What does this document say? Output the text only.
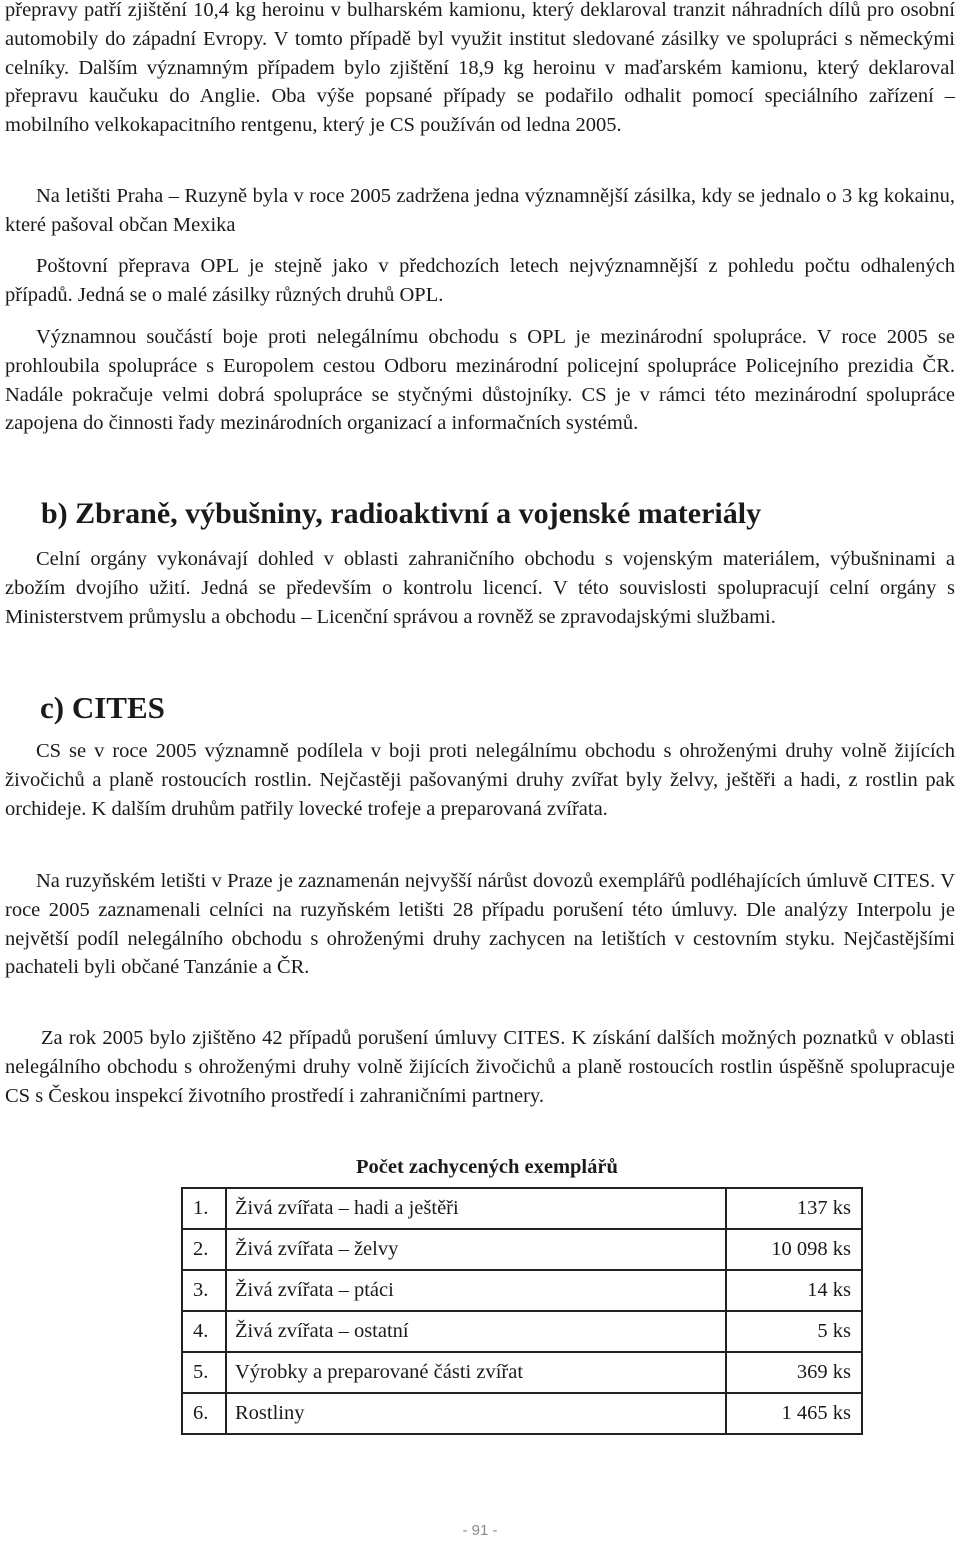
přepravy patří zjištění 10,4 kg heroinu v bulharském kamionu, který deklaroval tranzit náhradních dílů pro osobní automobily do západní Evropy. V tomto případě byl využit institut sledované zásilky ve spolupráci s německými celníky. Dalším významným případem bylo zjištění 18,9 kg heroinu v maďarském kamionu, který deklaroval přepravu kaučuku do Anglie. Oba výše popsané případy se podařilo odhalit pomocí speciálního zařízení – mobilního velkokapacitního rentgenu, který je CS používán od ledna 2005.

Na letišti Praha – Ruzyně byla v roce 2005 zadržena jedna významnější zásilka, kdy se jednalo o 3 kg kokainu, které pašoval občan Mexika

Poštovní přeprava OPL je stejně jako v předchozích letech nejvýznamnější z pohledu počtu odhalených případů. Jedná se o malé zásilky různých druhů OPL.

Významnou součástí boje proti nelegálnímu obchodu s OPL je mezinárodní spolupráce. V roce 2005 se prohloubila spolupráce s Europolem cestou Odboru mezinárodní policejní spolupráce Policejního prezidia ČR. Nadále pokračuje velmi dobrá spolupráce se styčnými důstojníky. CS je v rámci této mezinárodní spolupráce zapojena do činnosti řady mezinárodních organizací a informačních systémů.

b) Zbraně, výbušniny, radioaktivní a vojenské materiály

Celní orgány vykonávají dohled v oblasti zahraničního obchodu s vojenským materiálem, výbušninami a zbožím dvojího užití. Jedná se především o kontrolu licencí. V této souvislosti spolupracují celní orgány s Ministerstvem průmyslu a obchodu – Licenční správou a rovněž se zpravodajskými službami.

c) CITES

CS se v roce 2005 významně podílela v boji proti nelegálnímu obchodu s ohroženými druhy volně žijících živočichů a planě rostoucích rostlin. Nejčastěji pašovanými druhy zvířat byly želvy, ještěři a hadi, z rostlin pak orchideje. K dalším druhům patřily lovecké trofeje a preparovaná zvířata.

Na ruzyňském letišti v Praze je zaznamenán nejvyšší nárůst dovozů exemplářů podléhajících úmluvě CITES. V roce 2005 zaznamenali celníci na ruzyňském letišti 28 případu porušení této úmluvy. Dle analýzy Interpolu je největší podíl nelegálního obchodu s ohroženými druhy zachycen na letištích v cestovním styku. Nejčastějšími pachateli byli občané Tanzánie a ČR.

Za rok 2005 bylo zjištěno 42 případů porušení úmluvy CITES. K získání dalších možných poznatků v oblasti nelegálního obchodu s ohroženými druhy volně žijících živočichů a planě rostoucích rostlin úspěšně spolupracuje CS s Českou inspekcí životního prostředí i zahraničními partnery.

Počet zachycených exemplářů

1.	Živá zvířata – hadi a ještěři	137 ks
2.	Živá zvířata – želvy	10 098 ks
3.	Živá zvířata – ptáci	14 ks
4.	Živá zvířata – ostatní	5 ks
5.	Výrobky a preparované části zvířat	369 ks
6.	Rostliny	1 465 ks

- 91 -
